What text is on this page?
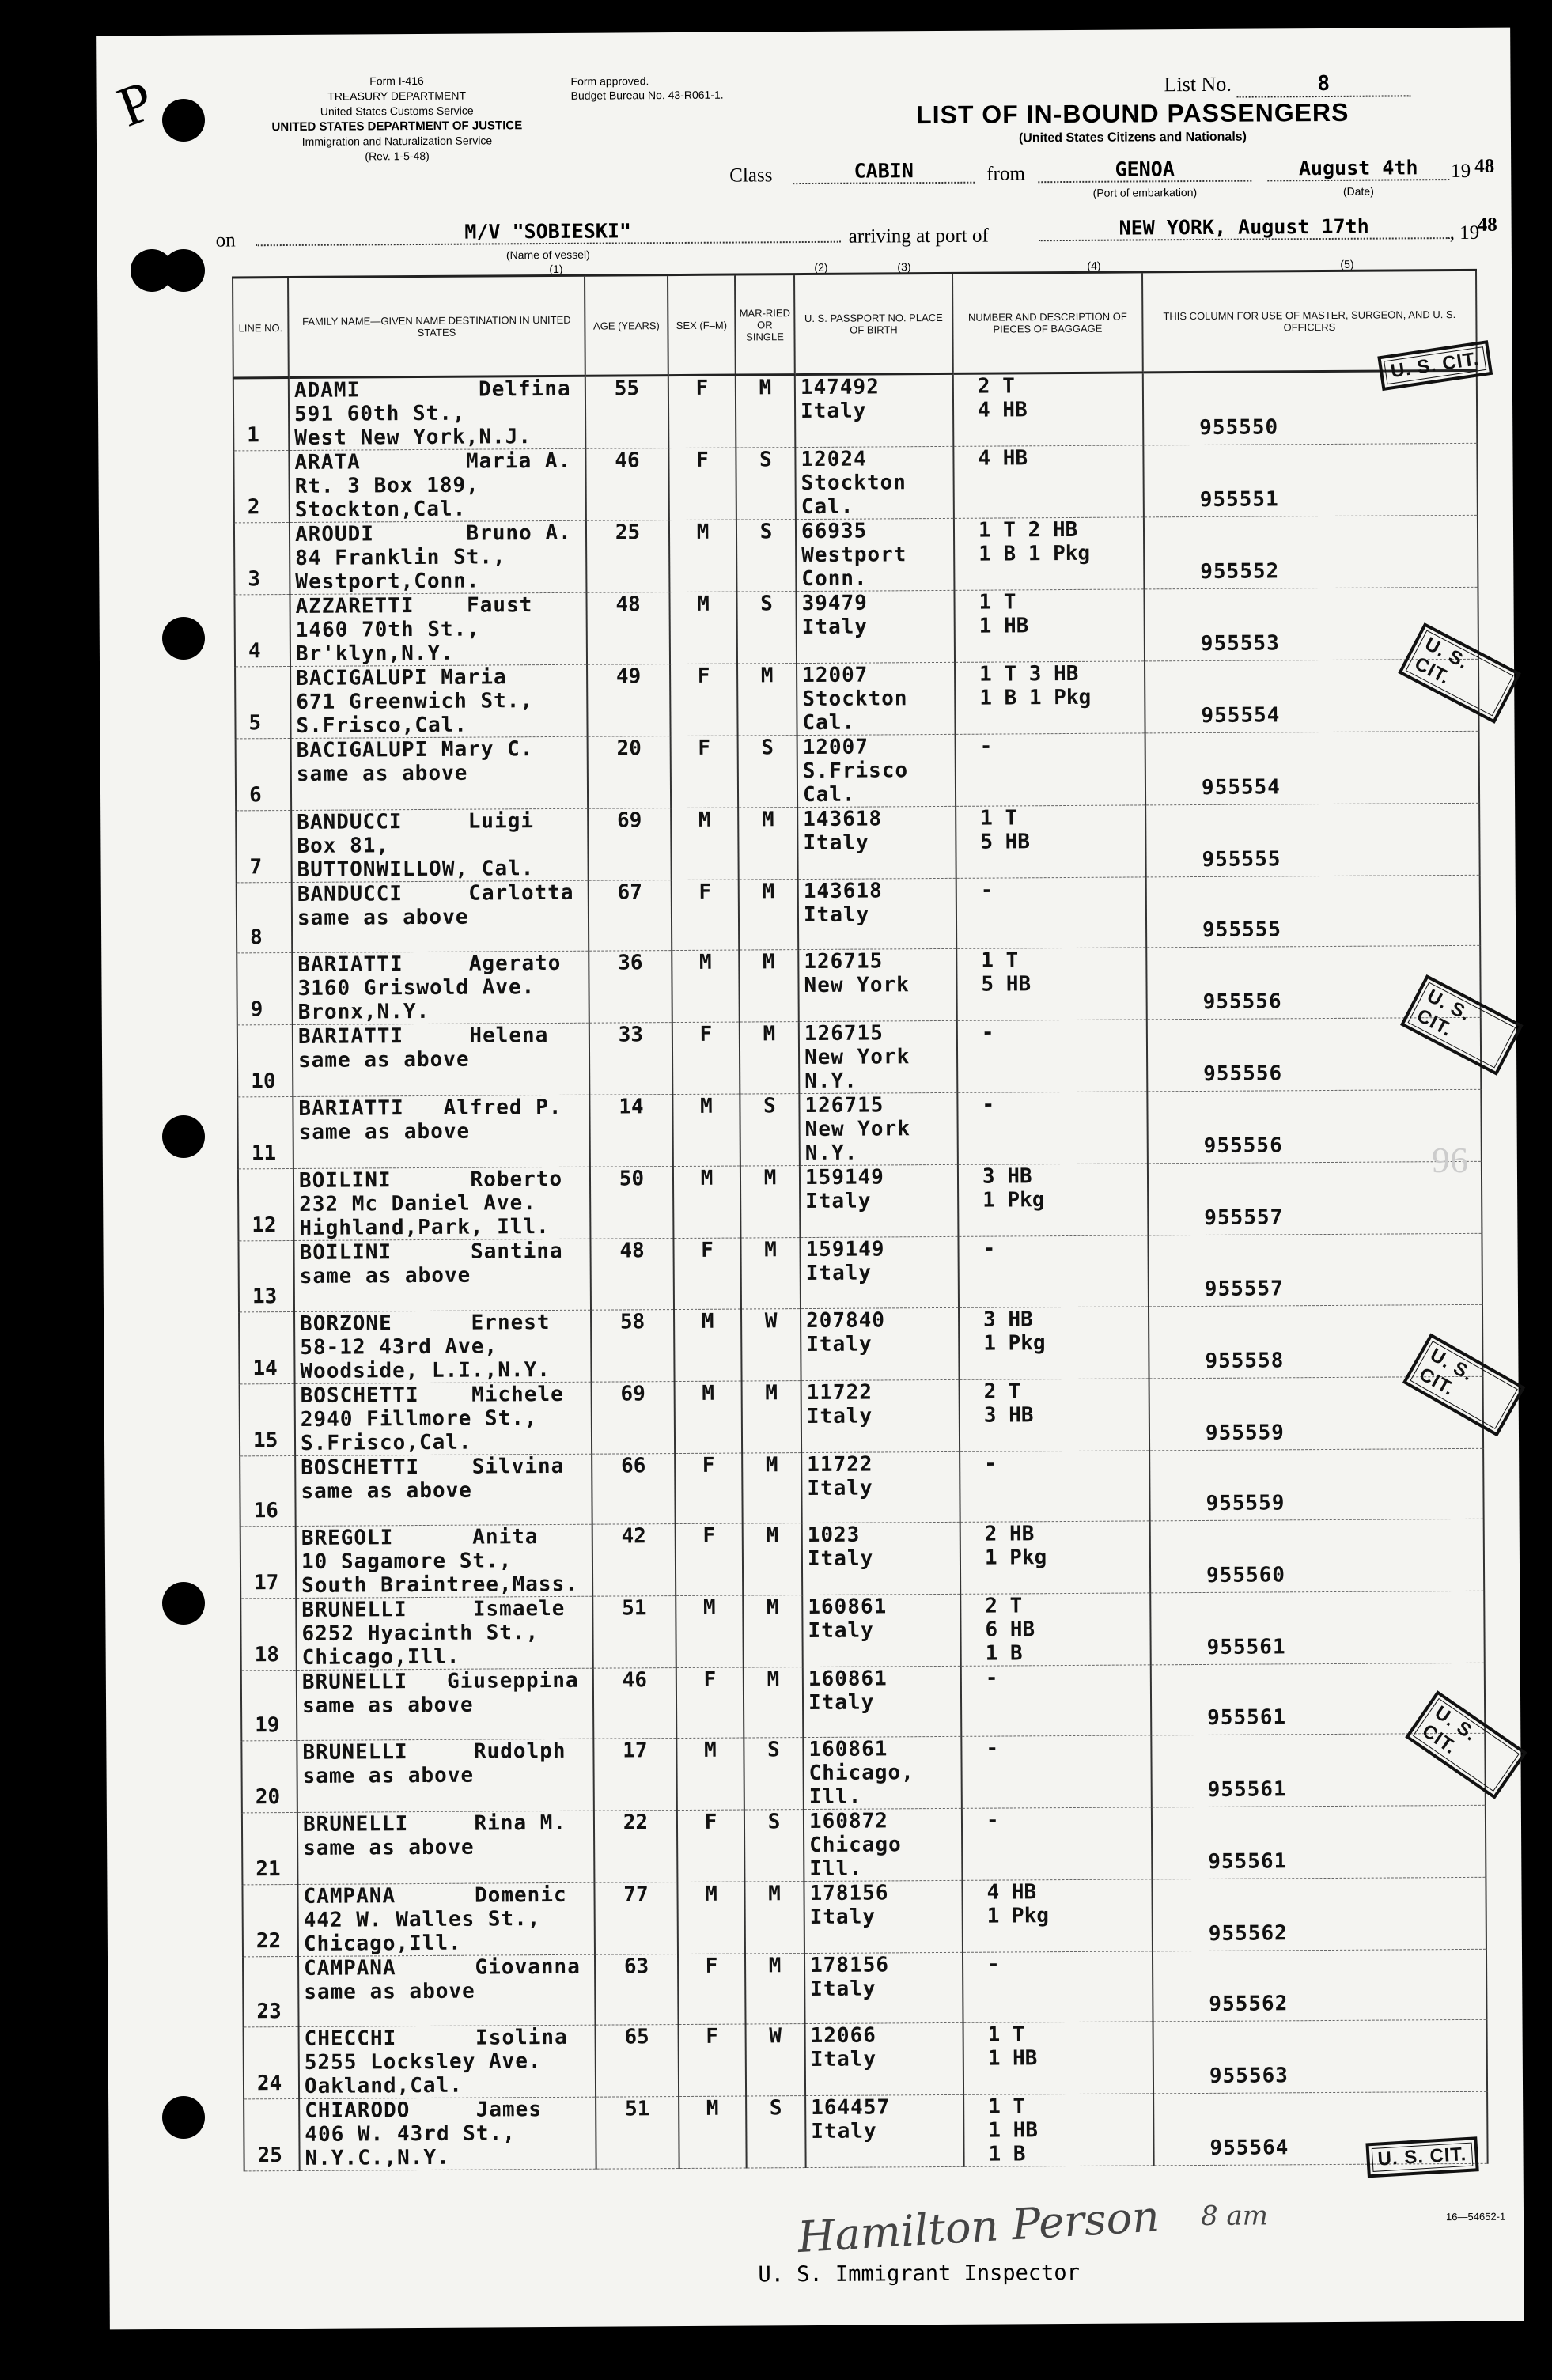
P	Form I-416
TREASURY DEPARTMENT
United States Customs Service
UNITED STATES DEPARTMENT OF JUSTICE
Immigration and Naturalization Service
(Rev. 1-5-48)
Form approved.
Budget Bureau No. 43-R061-1.	List No.	8
LIST OF IN-BOUND PASSENGERS
(United States Citizens and Nationals)
Class	CABIN	from	GENOA
(Port of embarkation)
August 4th	19 48
(Date)
on	M/V "SOBIESKI"
(Name of vessel)
arriving at port of	NEW YORK, August 17th	, 19
48
(1)	(2)	(3)	(4)	(5)
LINE NO.	FAMILY NAME—GIVEN NAME DESTINATION IN UNITED STATES	AGE (YEARS)	SEX (F–M)	MAR-RIED OR SINGLE	U. S. PASSPORT NO. PLACE OF BIRTH	NUMBER AND DESCRIPTION OF PIECES OF BAGGAGE	THIS COLUMN FOR USE OF MASTER, SURGEON, AND U. S. OFFICERS

1	ADAMI         Delfina
591 60th St.,
West New York,N.J.	55	F	M	147492
Italy	2 T
4 HB	955550

2	ARATA        Maria A.
Rt. 3 Box 189,
Stockton,Cal.	46	F	S	12024
Stockton
Cal.	4 HB	955551

3	AROUDI       Bruno A.
84 Franklin St.,
Westport,Conn.	25	M	S	66935
Westport
Conn.	1 T 2 HB
1 B 1 Pkg	955552

4	AZZARETTI    Faust
1460 70th St.,
Br'klyn,N.Y.	48	M	S	39479
Italy	1 T
1 HB	955553

5	BACIGALUPI Maria
671 Greenwich St.,
S.Frisco,Cal.	49	F	M	12007
Stockton
Cal.	1 T 3 HB
1 B 1 Pkg	955554

6	BACIGALUPI Mary C.
same as above	20	F	S	12007
S.Frisco
Cal.	-	955554

7	BANDUCCI     Luigi
Box 81,
BUTTONWILLOW, Cal.	69	M	M	143618
Italy	1 T
5 HB	955555

8	BANDUCCI     Carlotta
same as above	67	F	M	143618
Italy	-	955555

9	BARIATTI     Agerato
3160 Griswold Ave.
Bronx,N.Y.	36	M	M	126715
New York	1 T
5 HB	955556

10	BARIATTI     Helena
same as above	33	F	M	126715
New York
N.Y.	-	955556

11	BARIATTI   Alfred P.
same as above	14	M	S	126715
New York
N.Y.	-	955556

12	BOILINI      Roberto
232 Mc Daniel Ave.
Highland,Park, Ill.	50	M	M	159149
Italy	3 HB
1 Pkg	955557

13	BOILINI      Santina
same as above	48	F	M	159149
Italy	-	955557

14	BORZONE      Ernest
58-12 43rd Ave,
Woodside, L.I.,N.Y.	58	M	W	207840
Italy	3 HB
1 Pkg	955558

15	BOSCHETTI    Michele
2940 Fillmore St.,
S.Frisco,Cal.	69	M	M	11722
Italy	2 T
3 HB	955559

16	BOSCHETTI    Silvina
same as above	66	F	M	11722
Italy	-	955559

17	BREGOLI      Anita
10 Sagamore St.,
South Braintree,Mass.	42	F	M	1023
Italy	2 HB
1 Pkg	955560

18	BRUNELLI     Ismaele
6252 Hyacinth St.,
Chicago,Ill.	51	M	M	160861
Italy	2 T
6 HB
1 B	955561

19	BRUNELLI   Giuseppina
same as above	46	F	M	160861
Italy	-	955561

20	BRUNELLI     Rudolph
same as above	17	M	S	160861
Chicago,
Ill.	-	955561

21	BRUNELLI     Rina M.
same as above	22	F	S	160872
Chicago
Ill.	-	955561

22	CAMPANA      Domenic
442 W. Walles St.,
Chicago,Ill.	77	M	M	178156
Italy	4 HB
1 Pkg	955562

23	CAMPANA      Giovanna
same as above	63	F	M	178156
Italy	-	955562

24	CHECCHI      Isolina
5255 Locksley Ave.
Oakland,Cal.	65	F	W	12066
Italy	1 T
1 HB	955563

25	CHIARODO     James
406 W. 43rd St.,
N.Y.C.,N.Y.	51	M	S	164457
Italy	1 T
1 HB
1 B	955564
U. S. CIT.
U. S. CIT.
U. S. CIT.
U. S. CIT.
U. S. CIT.
U. S. CIT.
Hamilton Person 8 am
U. S. Immigrant Inspector
16—54652-1
96
